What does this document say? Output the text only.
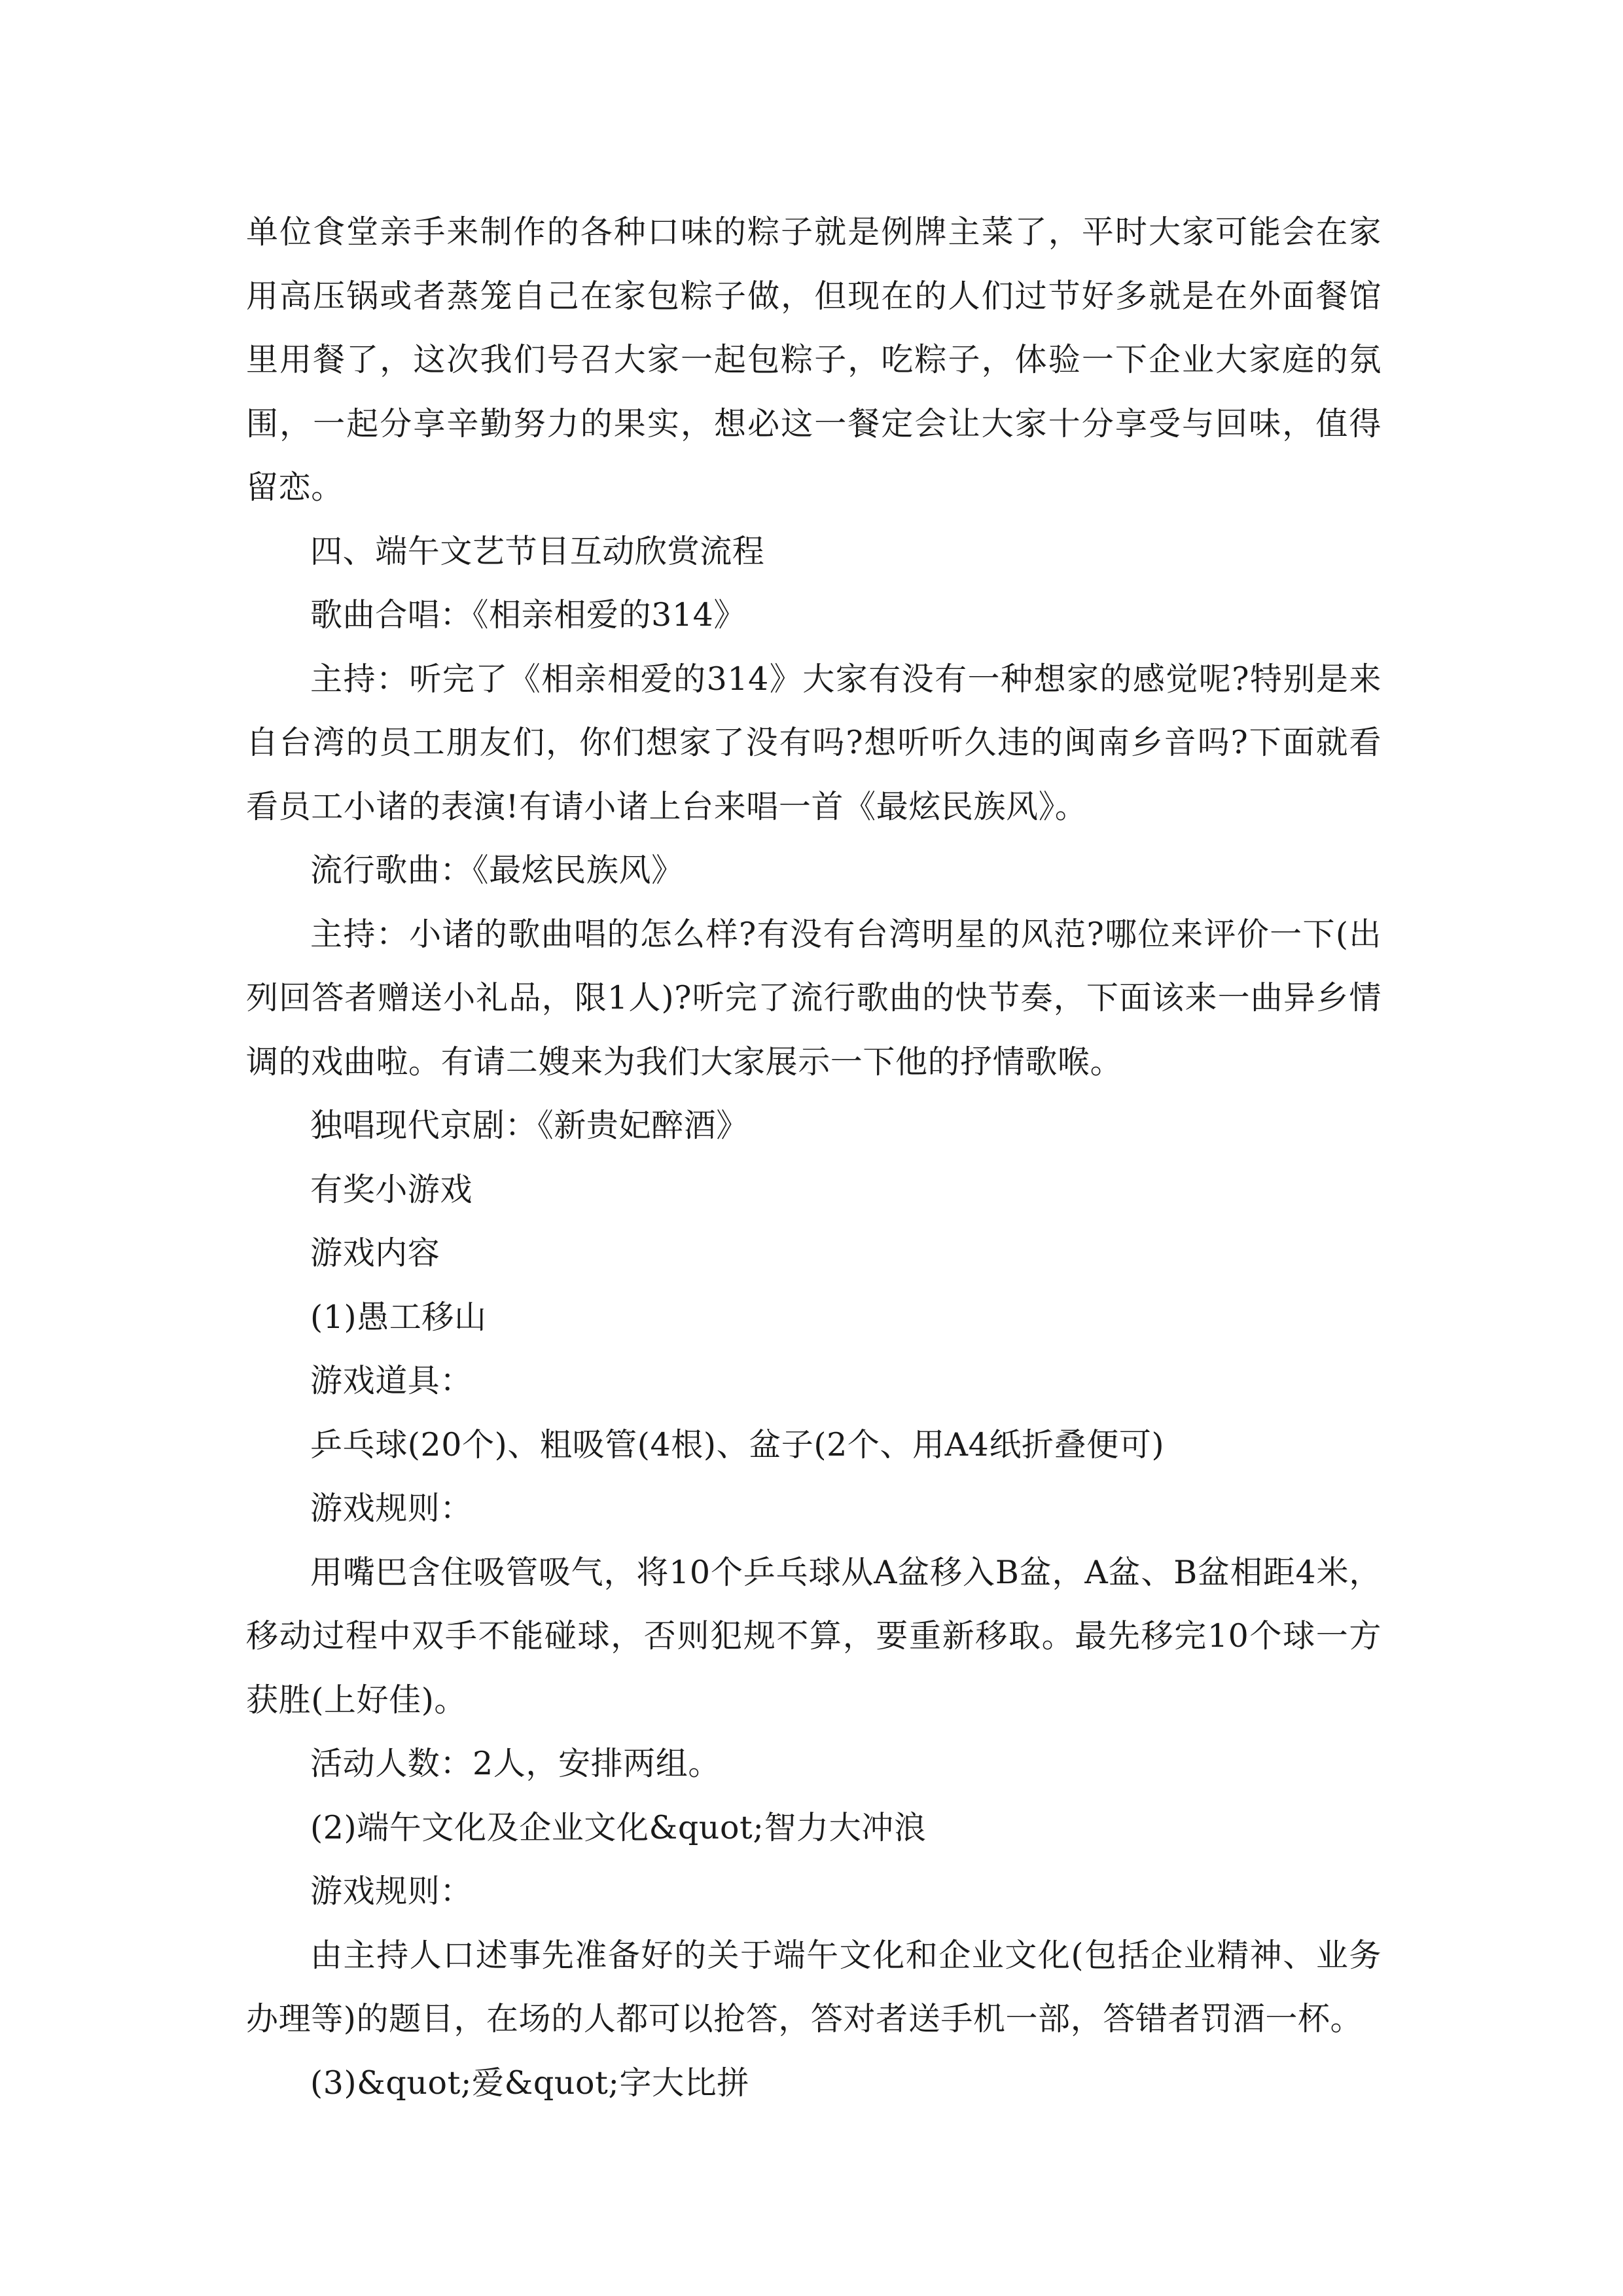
单位食堂亲手来制作的各种口味的粽子就是例牌主菜了，平时大家可能会在家用高压锅或者蒸笼自己在家包粽子做，但现在的人们过节好多就是在外面餐馆里用餐了，这次我们号召大家一起包粽子，吃粽子，体验一下企业大家庭的氛围，一起分享辛勤努力的果实，想必这一餐定会让大家十分享受与回味，值得留恋。

四、端午文艺节目互动欣赏流程

歌曲合唱：《相亲相爱的314》

主持：听完了《相亲相爱的314》大家有没有一种想家的感觉呢?特别是来自台湾的员工朋友们，你们想家了没有吗?想听听久违的闽南乡音吗?下面就看看员工小诸的表演!有请小诸上台来唱一首《最炫民族风》。

流行歌曲：《最炫民族风》

主持：小诸的歌曲唱的怎么样?有没有台湾明星的风范?哪位来评价一下(出列回答者赠送小礼品，限1人)?听完了流行歌曲的快节奏，下面该来一曲异乡情调的戏曲啦。有请二嫂来为我们大家展示一下他的抒情歌喉。

独唱现代京剧：《新贵妃醉酒》

有奖小游戏

游戏内容

(1)愚工移山

游戏道具：

乒乓球(20个)、粗吸管(4根)、盆子(2个、用A4纸折叠便可)

游戏规则：

用嘴巴含住吸管吸气，将10个乒乓球从A盆移入B盆，A盆、B盆相距4米，移动过程中双手不能碰球，否则犯规不算，要重新移取。最先移完10个球一方获胜(上好佳)。

活动人数：2人，安排两组。

(2)端午文化及企业文化&quot;智力大冲浪

游戏规则：

由主持人口述事先准备好的关于端午文化和企业文化(包括企业精神、业务办理等)的题目，在场的人都可以抢答，答对者送手机一部，答错者罚酒一杯。

(3)&quot;爱&quot;字大比拼
